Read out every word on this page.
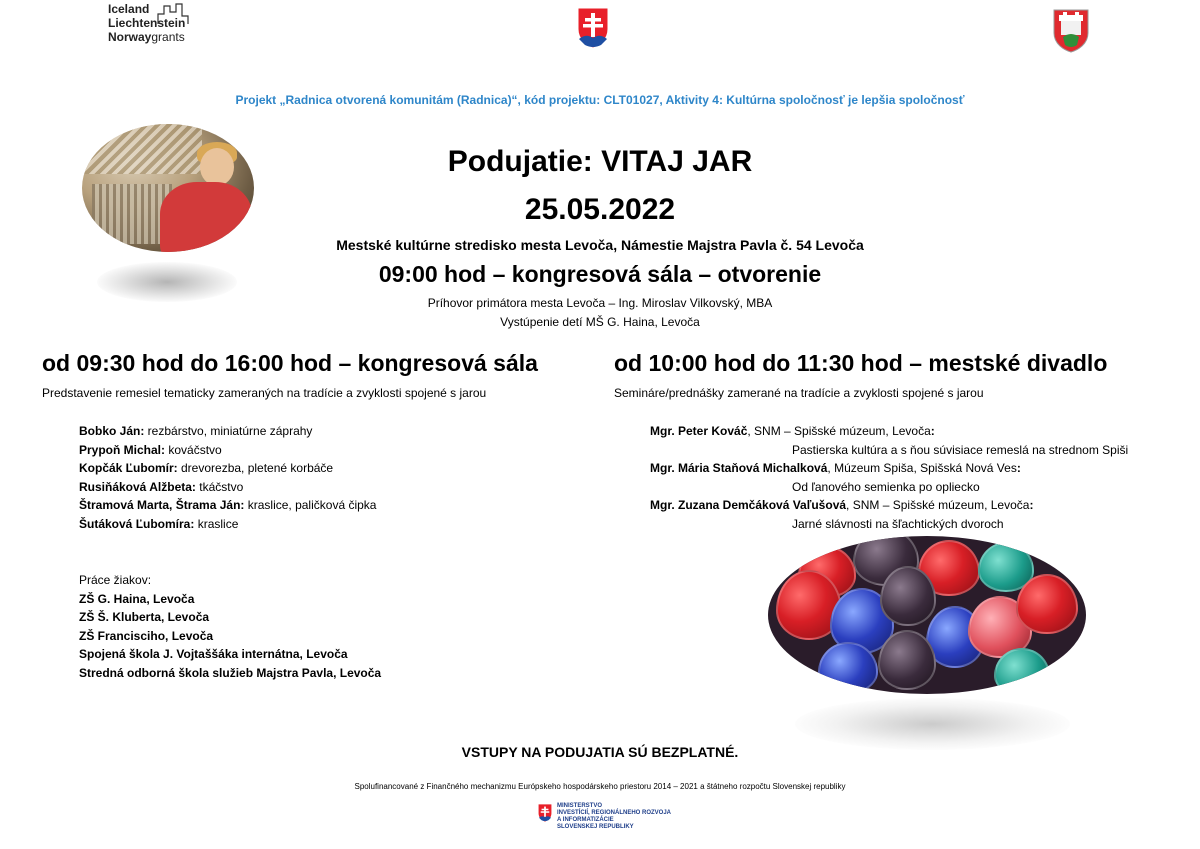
Iceland
Liechtenstein
Norwaygrants
Projekt „Radnica otvorená komunitám (Radnica)“, kód projektu: CLT01027, Aktivity 4: Kultúrna spoločnosť je lepšia spoločnosť
Podujatie: VITAJ JAR
25.05.2022
Mestské kultúrne stredisko mesta Levoča, Námestie Majstra Pavla č. 54 Levoča
09:00 hod – kongresová sála – otvorenie
Príhovor primátora mesta Levoča – Ing. Miroslav Vilkovský, MBA
Vystúpenie detí MŠ G. Haina, Levoča
od 09:30 hod do 16:00 hod – kongresová sála
Predstavenie remesiel tematicky zameraných na tradície a zvyklosti spojené s jarou
Bobko Ján: rezbárstvo, miniatúrne záprahy
Prypoň Michal: kováčstvo
Kopčák Ľubomír: drevorezba, pletené korbáče
Rusiňáková Alžbeta: tkáčstvo
Štramová Marta, Štrama Ján: kraslice, paličková čipka
Šutáková Ľubomíra: kraslice
Práce žiakov:
ZŠ G. Haina, Levoča
ZŠ Š. Kluberta, Levoča
ZŠ Francisciho, Levoča
Spojená škola J. Vojtaššáka internátna, Levoča
Stredná odborná škola služieb Majstra Pavla, Levoča
od 10:00 hod do 11:30 hod – mestské divadlo
Semináre/prednášky zamerané na tradície a zvyklosti spojené s jarou
Mgr. Peter Kováč, SNM – Spišské múzeum, Levoča:
Pastierska kultúra a s ňou súvisiace remeslá na strednom Spiši
Mgr. Mária Staňová Michalková, Múzeum Spiša, Spišská Nová Ves:
Od ľanového semienka po opliecko
Mgr. Zuzana Demčáková Vaľušová, SNM – Spišské múzeum, Levoča:
Jarné slávnosti na šľachtických dvoroch
VSTUPY NA PODUJATIA SÚ BEZPLATNÉ.
Spolufinancované z Finančného mechanizmu Európskeho hospodárskeho priestoru 2014 – 2021 a štátneho rozpočtu Slovenskej republiky
MINISTERSTVO
INVESTÍCIÍ, REGIONÁLNEHO ROZVOJA
A INFORMATIZÁCIE
SLOVENSKEJ REPUBLIKY
